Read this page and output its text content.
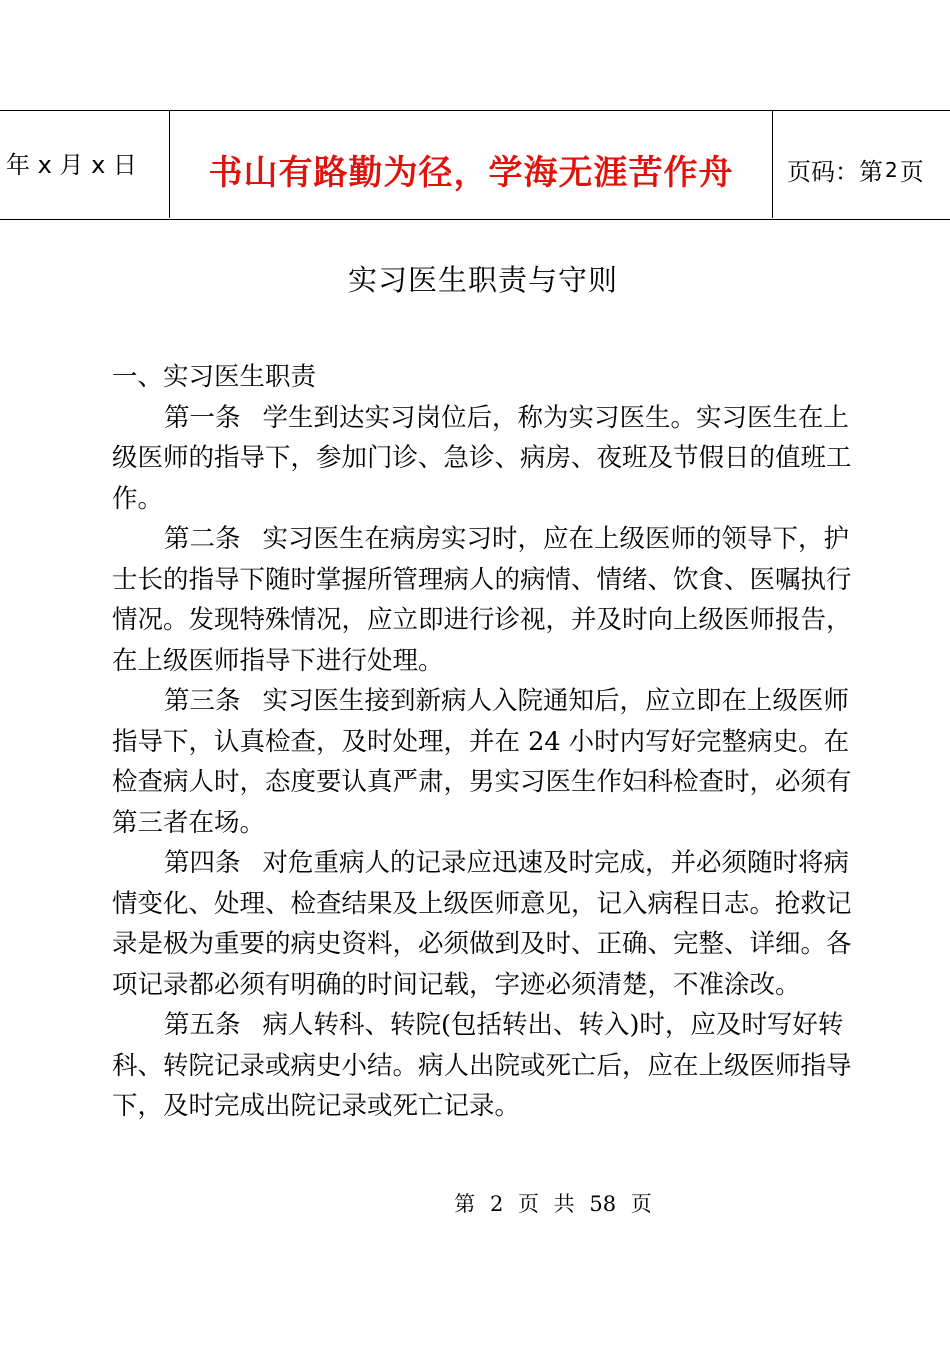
年 x 月 x 日	书山有路勤为径，学海无涯苦作舟	页码： 第 2 页
实习医生职责与守则

一、实习医生职责

第一条 学生到达实习岗位后，称为实习医生。实习医生在上级医师的指导下，参加门诊、急诊、病房、夜班及节假日的值班工作。

第二条 实习医生在病房实习时，应在上级医师的领导下，护士长的指导下随时掌握所管理病人的病情、情绪、饮食、医嘱执行情况。发现特殊情况，应立即进行诊视，并及时向上级医师报告，在上级医师指导下进行处理。

第三条 实习医生接到新病人入院通知后，应立即在上级医师指导下，认真检查，及时处理，并在 24 小时内写好完整病史。在检查病人时，态度要认真严肃，男实习医生作妇科检查时，必须有第三者在场。

第四条 对危重病人的记录应迅速及时完成，并必须随时将病情变化、处理、检查结果及上级医师意见，记入病程日志。抢救记录是极为重要的病史资料，必须做到及时、正确、完整、详细。各项记录都必须有明确的时间记载，字迹必须清楚，不准涂改。

第五条 病人转科、转院(包括转出、转入)时，应及时写好转科、转院记录或病史小结。病人出院或死亡后，应在上级医师指导下，及时完成出院记录或死亡记录。

第 2 页 共 58 页
